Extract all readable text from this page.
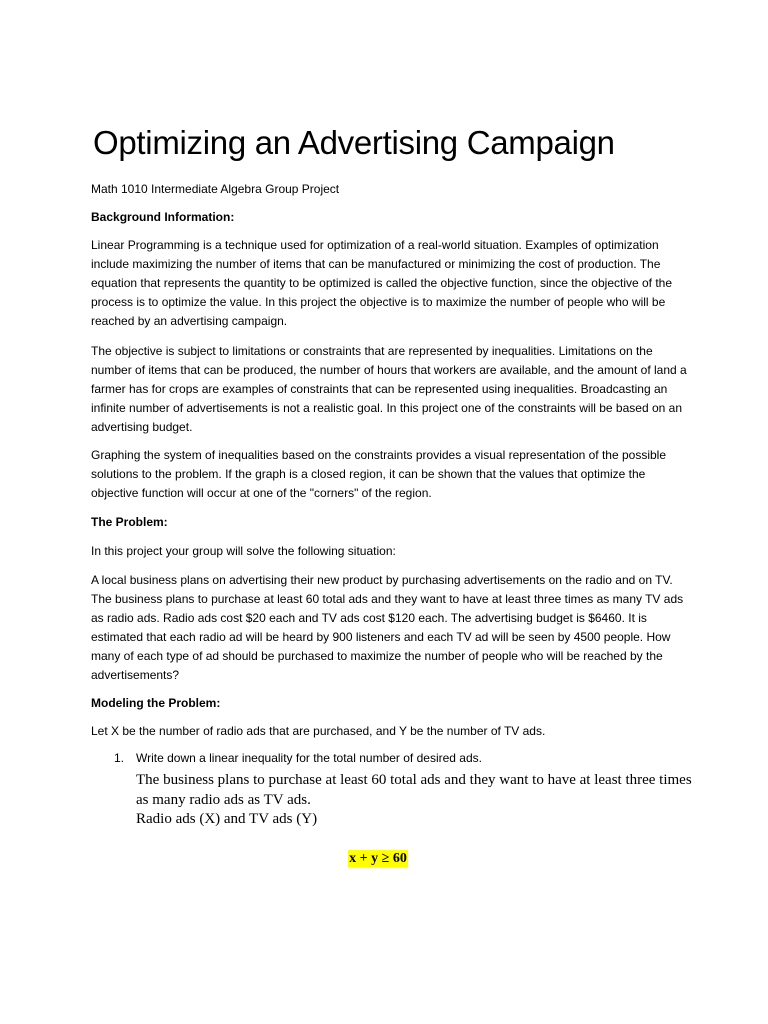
Optimizing an Advertising Campaign

Math 1010 Intermediate Algebra Group Project

Background Information:

Linear Programming is a technique used for optimization of a real-world situation. Examples of optimization include maximizing the number of items that can be manufactured or minimizing the cost of production. The equation that represents the quantity to be optimized is called the objective function, since the objective of the process is to optimize the value. In this project the objective is to maximize the number of people who will be reached by an advertising campaign.

The objective is subject to limitations or constraints that are represented by inequalities. Limitations on the number of items that can be produced, the number of hours that workers are available, and the amount of land a farmer has for crops are examples of constraints that can be represented using inequalities. Broadcasting an infinite number of advertisements is not a realistic goal. In this project one of the constraints will be based on an advertising budget.

Graphing the system of inequalities based on the constraints provides a visual representation of the possible solutions to the problem. If the graph is a closed region, it can be shown that the values that optimize the objective function will occur at one of the "corners" of the region.

The Problem:

In this project your group will solve the following situation:

A local business plans on advertising their new product by purchasing advertisements on the radio and on TV. The business plans to purchase at least 60 total ads and they want to have at least three times as many TV ads as radio ads. Radio ads cost $20 each and TV ads cost $120 each. The advertising budget is $6460. It is estimated that each radio ad will be heard by 900 listeners and each TV ad will be seen by 4500 people. How many of each type of ad should be purchased to maximize the number of people who will be reached by the advertisements?

Modeling the Problem:

Let X be the number of radio ads that are purchased, and Y be the number of TV ads.

1. Write down a linear inequality for the total number of desired ads.
The business plans to purchase at least 60 total ads and they want to have at least three times as many radio ads as TV ads.
Radio ads (X) and TV ads (Y)
x + y ≥ 60
